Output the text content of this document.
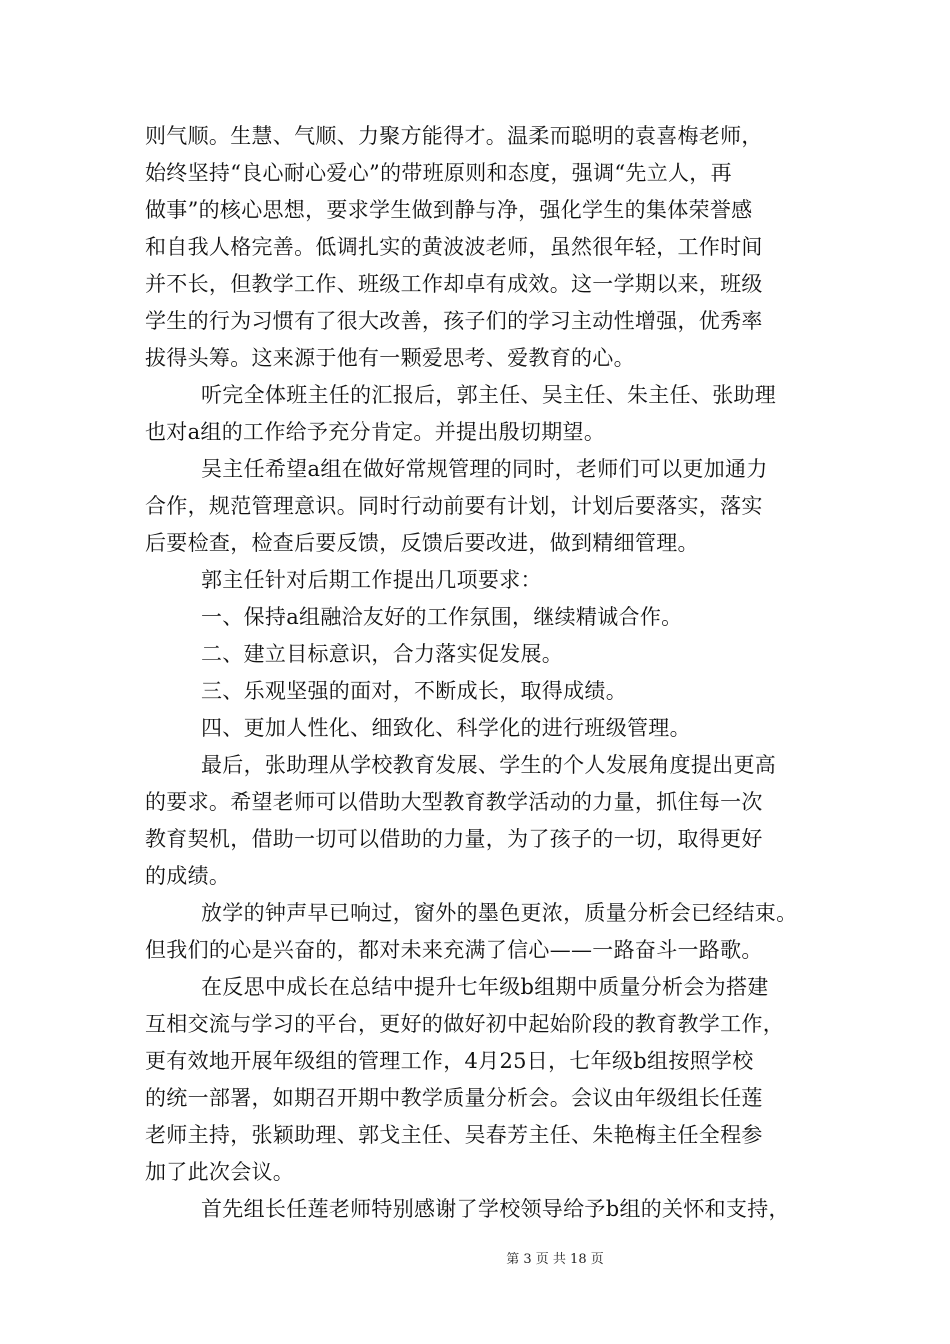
则气顺。生慧、气顺、力聚方能得才。温柔而聪明的袁喜梅老师，
始终坚持“良心耐心爱心”的带班原则和态度，强调“先立人，再
做事”的核心思想，要求学生做到静与净，强化学生的集体荣誉感
和自我人格完善。低调扎实的黄波波老师，虽然很年轻，工作时间
并不长，但教学工作、班级工作却卓有成效。这一学期以来，班级
学生的行为习惯有了很大改善，孩子们的学习主动性增强，优秀率
拔得头筹。这来源于他有一颗爱思考、爱教育的心。
听完全体班主任的汇报后，郭主任、吴主任、朱主任、张助理
也对a组的工作给予充分肯定。并提出殷切期望。
吴主任希望a组在做好常规管理的同时，老师们可以更加通力
合作，规范管理意识。同时行动前要有计划，计划后要落实，落实
后要检查，检查后要反馈，反馈后要改进，做到精细管理。
郭主任针对后期工作提出几项要求：
一、保持a组融洽友好的工作氛围，继续精诚合作。
二、建立目标意识，合力落实促发展。
三、乐观坚强的面对，不断成长，取得成绩。
四、更加人性化、细致化、科学化的进行班级管理。
最后，张助理从学校教育发展、学生的个人发展角度提出更高
的要求。希望老师可以借助大型教育教学活动的力量，抓住每一次
教育契机，借助一切可以借助的力量，为了孩子的一切，取得更好
的成绩。
放学的钟声早已响过，窗外的墨色更浓，质量分析会已经结束。
但我们的心是兴奋的，都对未来充满了信心——一路奋斗一路歌。
在反思中成长在总结中提升七年级b组期中质量分析会为搭建
互相交流与学习的平台，更好的做好初中起始阶段的教育教学工作，
更有效地开展年级组的管理工作，4月25日，七年级b组按照学校
的统一部署，如期召开期中教学质量分析会。会议由年级组长任莲
老师主持，张颖助理、郭戈主任、吴春芳主任、朱艳梅主任全程参
加了此次会议。
首先组长任莲老师特别感谢了学校领导给予b组的关怀和支持，
第 3 页 共 18 页
